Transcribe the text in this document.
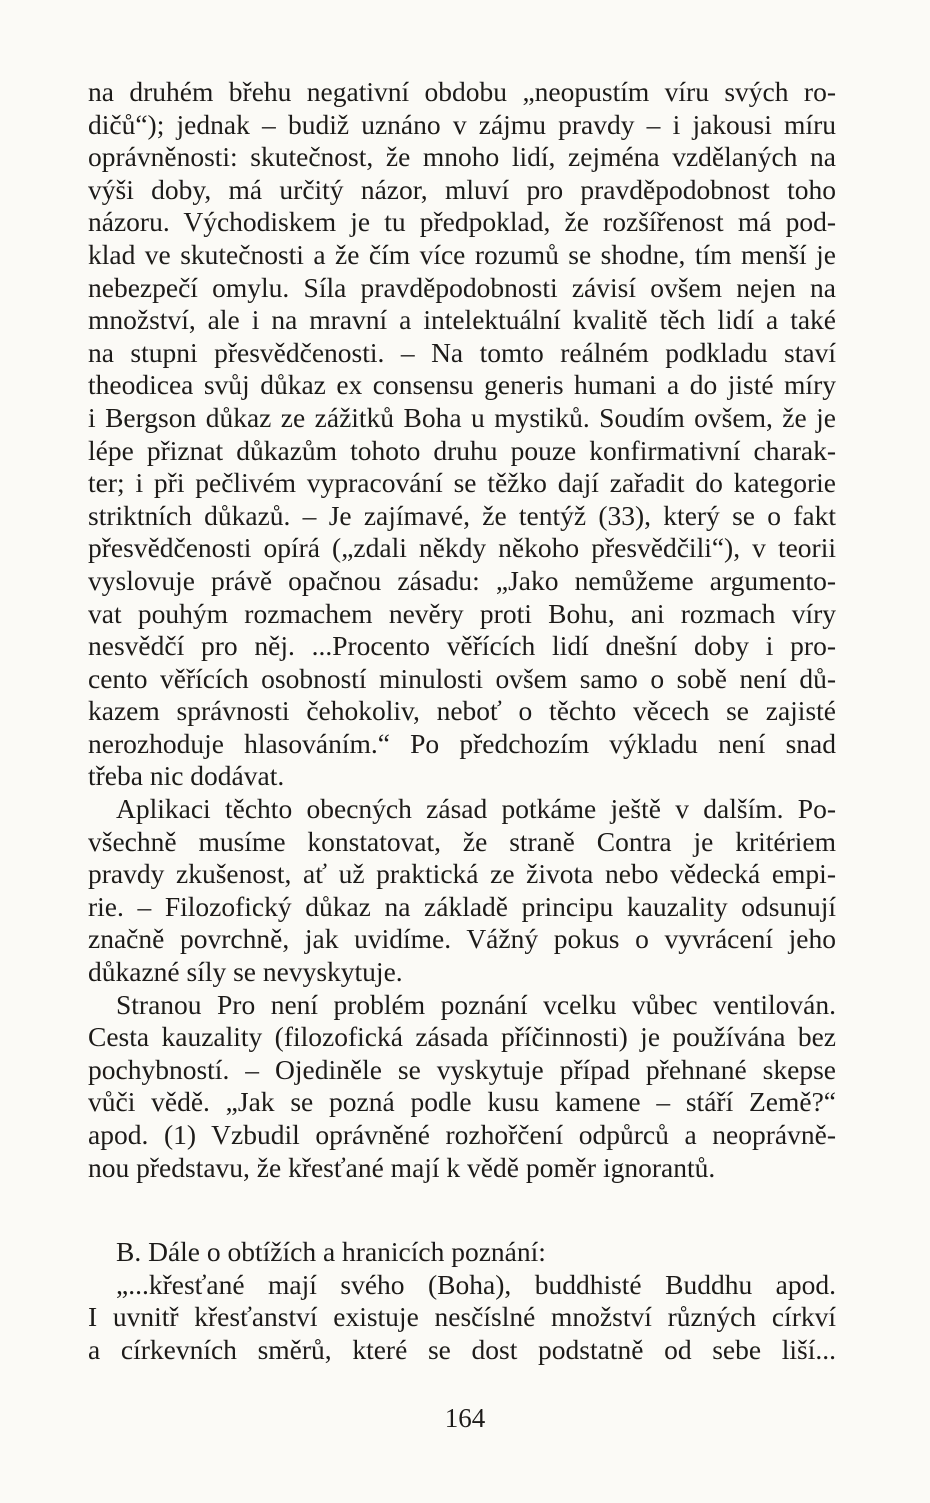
na druhém břehu negativní obdobu „neopustím víru svých ro-

dičů“); jednak – budiž uznáno v zájmu pravdy – i jakousi míru

oprávněnosti: skutečnost, že mnoho lidí, zejména vzdělaných na

výši doby, má určitý názor, mluví pro pravděpodobnost toho

názoru. Východiskem je tu předpoklad, že rozšířenost má pod-

klad ve skutečnosti a že čím více rozumů se shodne, tím menší je

nebezpečí omylu. Síla pravděpodobnosti závisí ovšem nejen na

množství, ale i na mravní a intelektuální kvalitě těch lidí a také

na stupni přesvědčenosti. – Na tomto reálném podkladu staví

theodicea svůj důkaz ex consensu generis humani a do jisté míry

i Bergson důkaz ze zážitků Boha u mystiků. Soudím ovšem, že je

lépe přiznat důkazům tohoto druhu pouze konfirmativní charak-

ter; i při pečlivém vypracování se těžko dají zařadit do kategorie

striktních důkazů. – Je zajímavé, že tentýž (33), který se o fakt

přesvědčenosti opírá („zdali někdy někoho přesvědčili“), v teorii

vyslovuje právě opačnou zásadu: „Jako nemůžeme argumento-

vat pouhým rozmachem nevěry proti Bohu, ani rozmach víry

nesvědčí pro něj. ...Procento věřících lidí dnešní doby i pro-

cento věřících osobností minulosti ovšem samo o sobě není dů-

kazem správnosti čehokoliv, neboť o těchto věcech se zajisté

nerozhoduje hlasováním.“ Po předchozím výkladu není snad

třeba nic dodávat.

Aplikaci těchto obecných zásad potkáme ještě v dalším. Po-

všechně musíme konstatovat, že straně Contra je kritériem

pravdy zkušenost, ať už praktická ze života nebo vědecká empi-

rie. – Filozofický důkaz na základě principu kauzality odsunují

značně povrchně, jak uvidíme. Vážný pokus o vyvrácení jeho

důkazné síly se nevyskytuje.

Stranou Pro není problém poznání vcelku vůbec ventilován.

Cesta kauzality (filozofická zásada příčinnosti) je používána bez

pochybností. – Ojediněle se vyskytuje případ přehnané skepse

vůči vědě. „Jak se pozná podle kusu kamene – stáří Země?“

apod. (1) Vzbudil oprávněné rozhořčení odpůrců a neoprávně-

nou představu, že křesťané mají k vědě poměr ignorantů.

B. Dále o obtížích a hranicích poznání:

„...křesťané mají svého (Boha), buddhisté Buddhu apod.

I uvnitř křesťanství existuje nesčíslné množství různých církví

a církevních směrů, které se dost podstatně od sebe liší...

164
